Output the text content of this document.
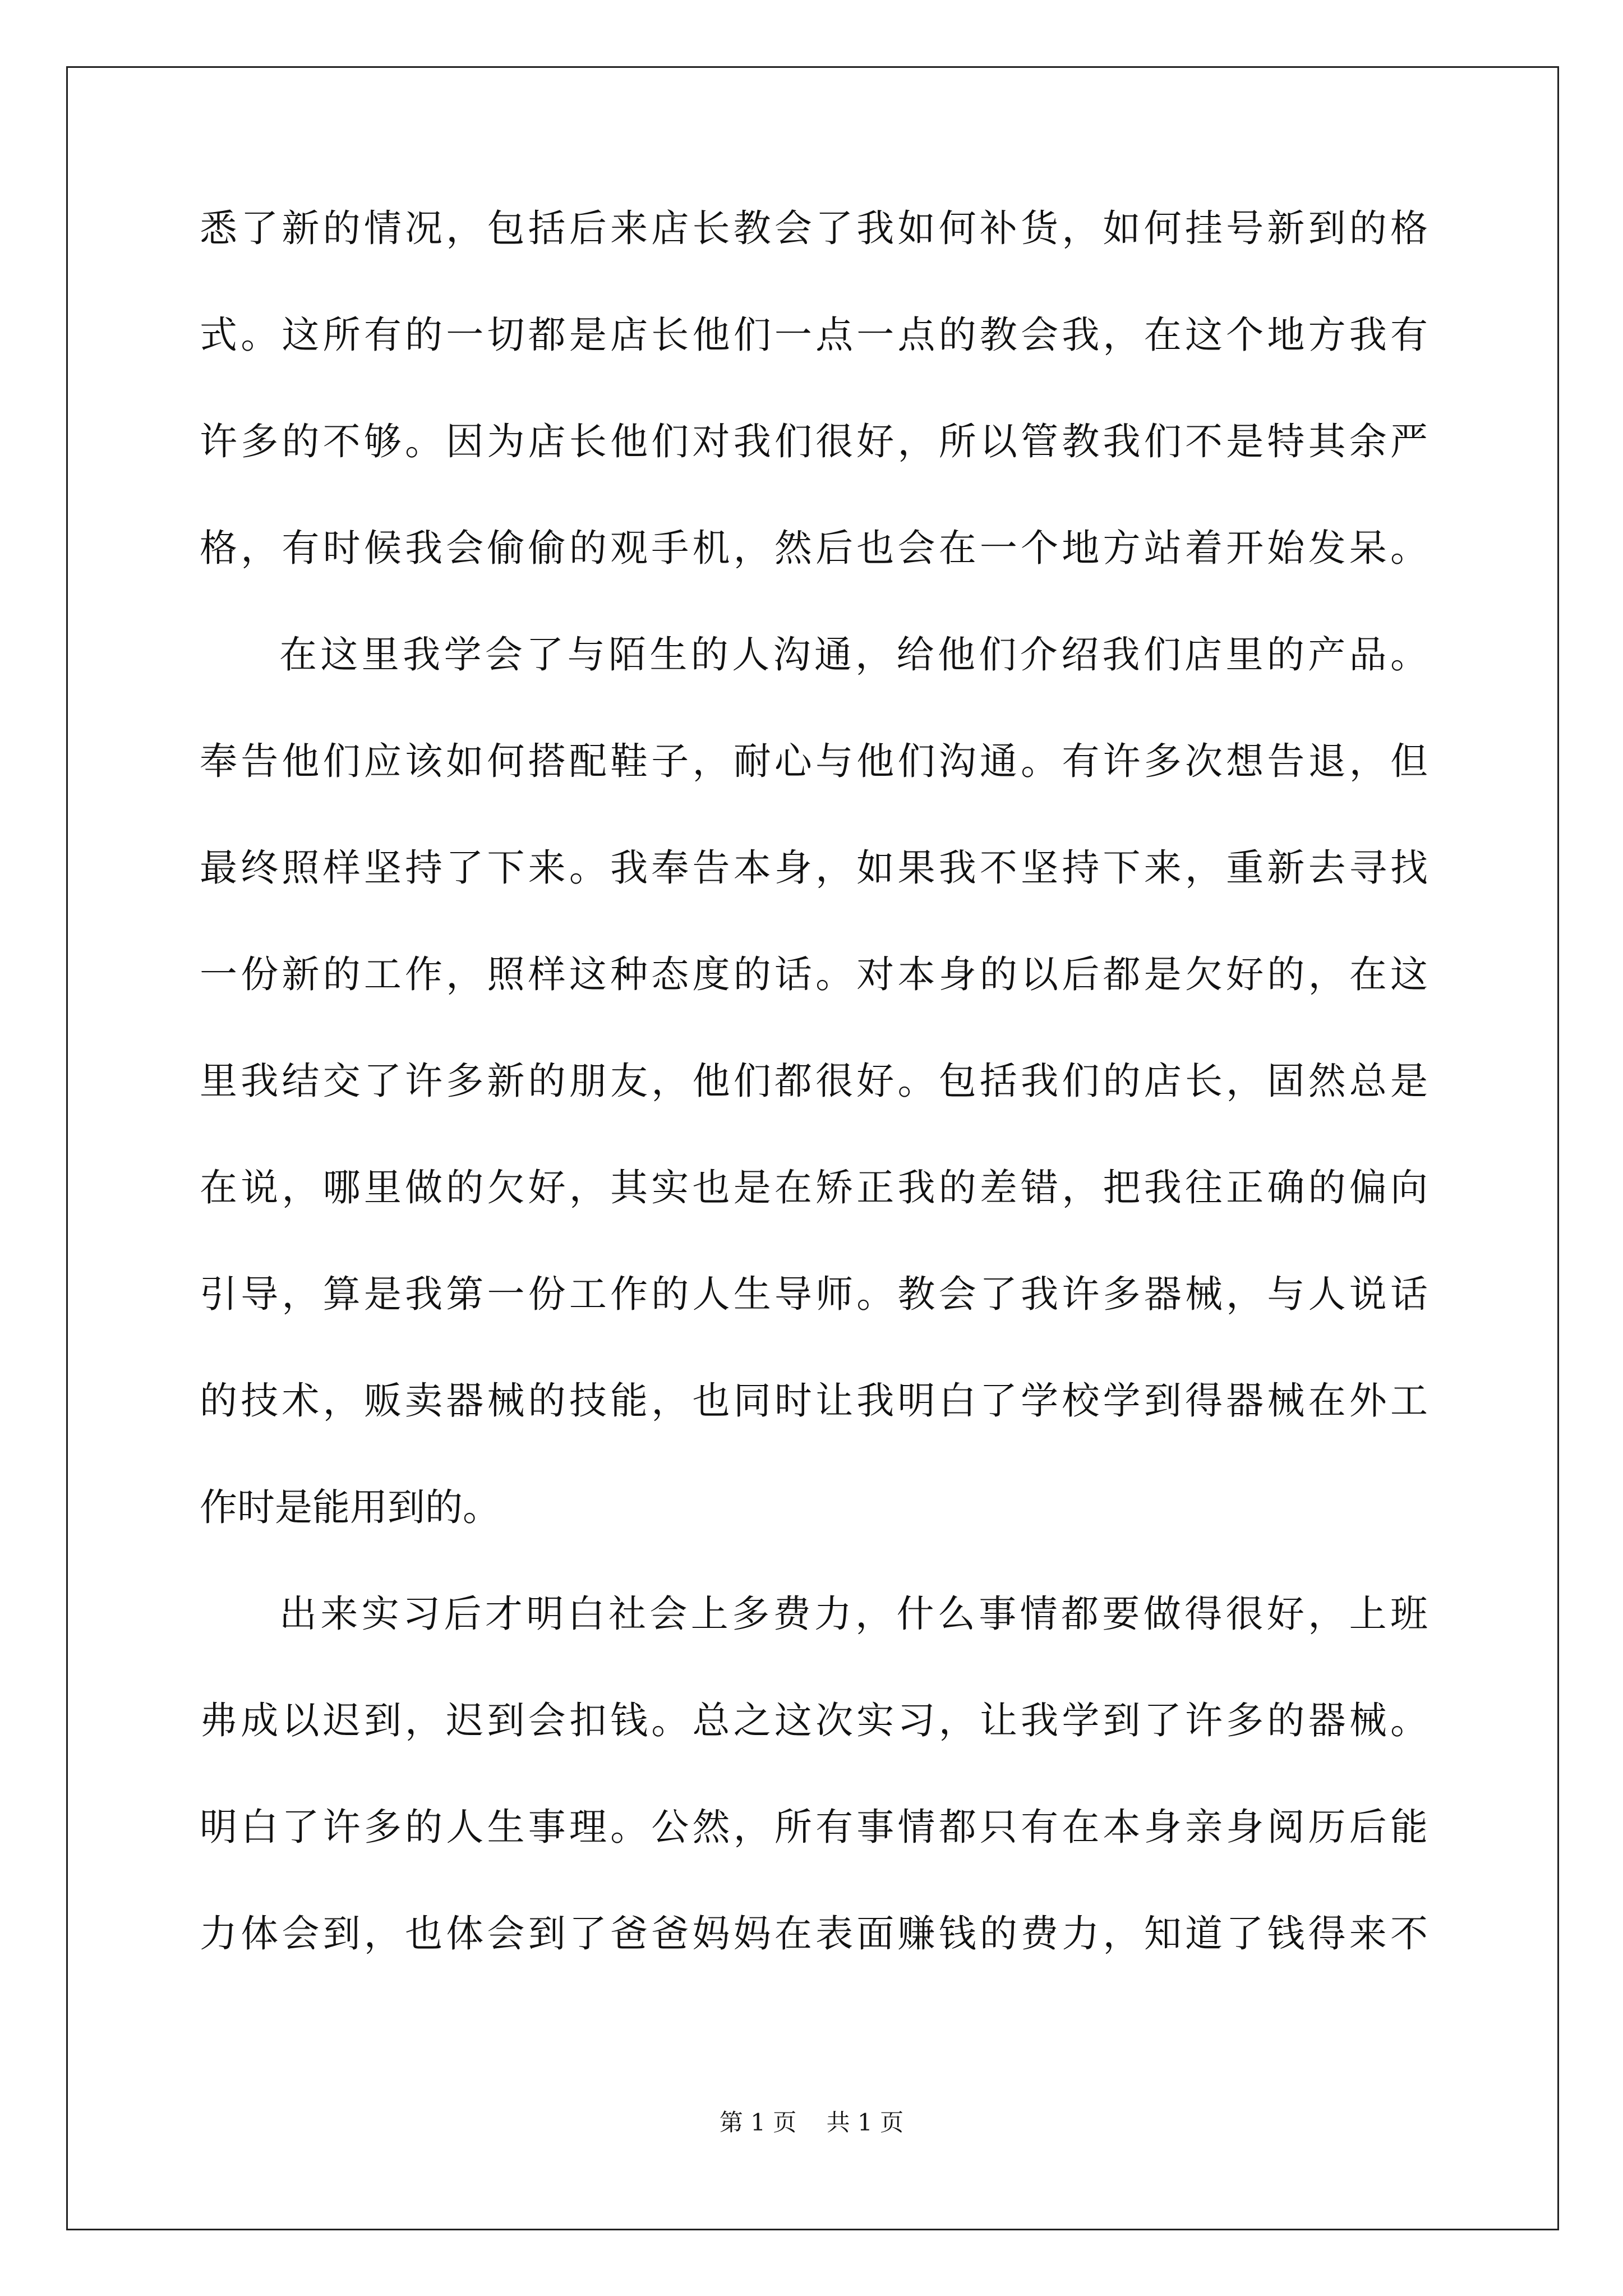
悉了新的情况，包括后来店长教会了我如何补货，如何挂号新到的格
式。这所有的一切都是店长他们一点一点的教会我，在这个地方我有
许多的不够。因为店长他们对我们很好，所以管教我们不是特其余严
格，有时候我会偷偷的观手机，然后也会在一个地方站着开始发呆。
在这里我学会了与陌生的人沟通，给他们介绍我们店里的产品。
奉告他们应该如何搭配鞋子，耐心与他们沟通。有许多次想告退，但
最终照样坚持了下来。我奉告本身，如果我不坚持下来，重新去寻找
一份新的工作，照样这种态度的话。对本身的以后都是欠好的，在这
里我结交了许多新的朋友，他们都很好。包括我们的店长，固然总是
在说，哪里做的欠好，其实也是在矫正我的差错，把我往正确的偏向
引导，算是我第一份工作的人生导师。教会了我许多器械，与人说话
的技术，贩卖器械的技能，也同时让我明白了学校学到得器械在外工
作时是能用到的。
出来实习后才明白社会上多费力，什么事情都要做得很好，上班
弗成以迟到，迟到会扣钱。总之这次实习，让我学到了许多的器械。
明白了许多的人生事理。公然，所有事情都只有在本身亲身阅历后能
力体会到，也体会到了爸爸妈妈在表面赚钱的费力，知道了钱得来不
第 1 页 共 1 页
